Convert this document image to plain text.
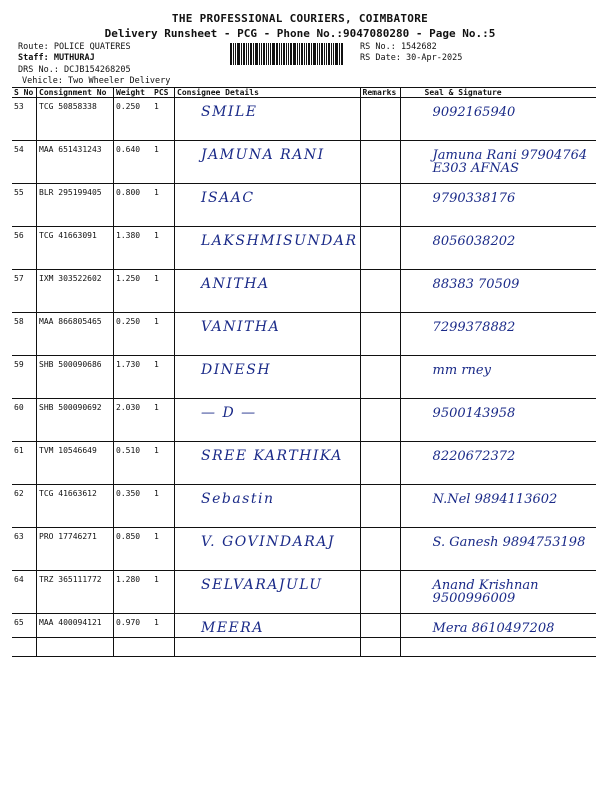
THE PROFESSIONAL COURIERS, COIMBATORE
Delivery Runsheet - PCG - Phone No.:9047080280 - Page No.:5
Route: POLICE QUATERES
Staff: MUTHURAJ
DRS No.: DCJB154268205
Vehicle: Two Wheeler Delivery
RS No.: 1542682
RS Date: 30-Apr-2025
S No	Consignment No	Weight	PCS	Consignee Details	Remarks	Seal & Signature
53	TCG 50858338	0.250	1	SMILE		9092165940
54	MAA 651431243	0.640	1	JAMUNA RANI		Jamuna Rani 97904764 E303 AFNAS
55	BLR 295199405	0.800	1	ISAAC		9790338176
56	TCG 41663091	1.380	1	LAKSHMISUNDAR		8056038202
57	IXM 303522602	1.250	1	ANITHA		88383 70509
58	MAA 866805465	0.250	1	VANITHA		7299378882
59	SHB 500090686	1.730	1	DINESH		mm rney
60	SHB 500090692	2.030	1	— D —		9500143958
61	TVM 10546649	0.510	1	SREE KARTHIKA		8220672372
62	TCG 41663612	0.350	1	Sebastin		N.Nel 9894113602
63	PRO 17746271	0.850	1	V. GOVINDARAJ		S. Ganesh 9894753198
64	TRZ 365111772	1.280	1	SELVARAJULU		Anand Krishnan 9500996009
65	MAA 400094121	0.970	1	MEERA		Mera 8610497208
